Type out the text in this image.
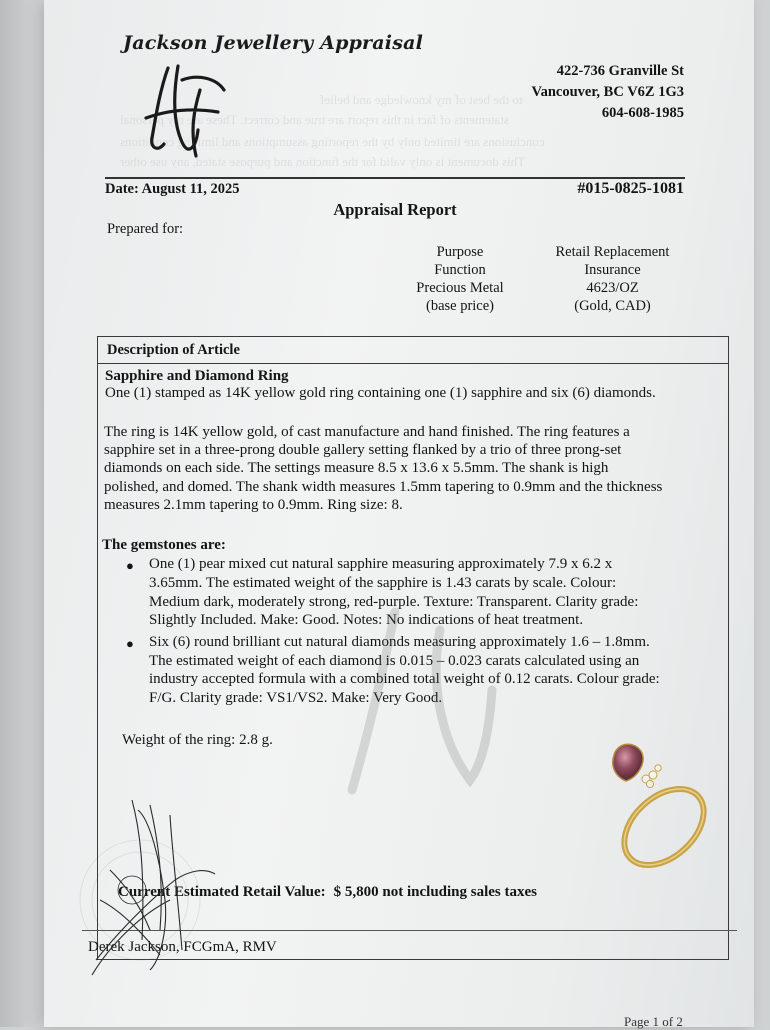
to the best of my knowledge and belief
statements of fact in this report are true and correct. These are my personal
conclusions are limited only by the reporting assumptions and limiting conditions
This document is only valid for the function and purpose stated, any use other
Jackson Jewellery Appraisal
422-736 Granville St
Vancouver, BC V6Z 1G3
604-608-1985
Date: August 11, 2025	#015-0825-1081
Appraisal Report
Prepared for:
Purpose
Function
Precious Metal
(base price)
Retail Replacement
Insurance
4623/OZ
(Gold, CAD)
Description of Article
Sapphire and Diamond Ring
One (1) stamped as 14K yellow gold ring containing one (1) sapphire and six (6) diamonds.
The ring is 14K yellow gold, of cast manufacture and hand finished. The ring features a
sapphire set in a three-prong double gallery setting flanked by a trio of three prong-set
diamonds on each side. The settings measure 8.5 x 13.6 x 5.5mm. The shank is high
polished, and domed. The shank width measures 1.5mm tapering to 0.9mm and the thickness
measures 2.1mm tapering to 0.9mm. Ring size: 8.
The gemstones are:
● One (1) pear mixed cut natural sapphire measuring approximately 7.9 x 6.2 x
3.65mm. The estimated weight of the sapphire is 1.43 carats by scale. Colour:
Medium dark, moderately strong, red-purple. Texture: Transparent. Clarity grade:
Slightly Included. Make: Good. Notes: No indications of heat treatment.
● Six (6) round brilliant cut natural diamonds measuring approximately 1.6 – 1.8mm.
The estimated weight of each diamond is 0.015 – 0.023 carats calculated using an
industry accepted formula with a combined total weight of 0.12 carats. Colour grade:
F/G. Clarity grade: VS1/VS2. Make: Very Good.
Weight of the ring: 2.8 g.
Current Estimated Retail Value: $ 5,800 not including sales taxes
Derek Jackson, FCGmA, RMV
Page 1 of 2
